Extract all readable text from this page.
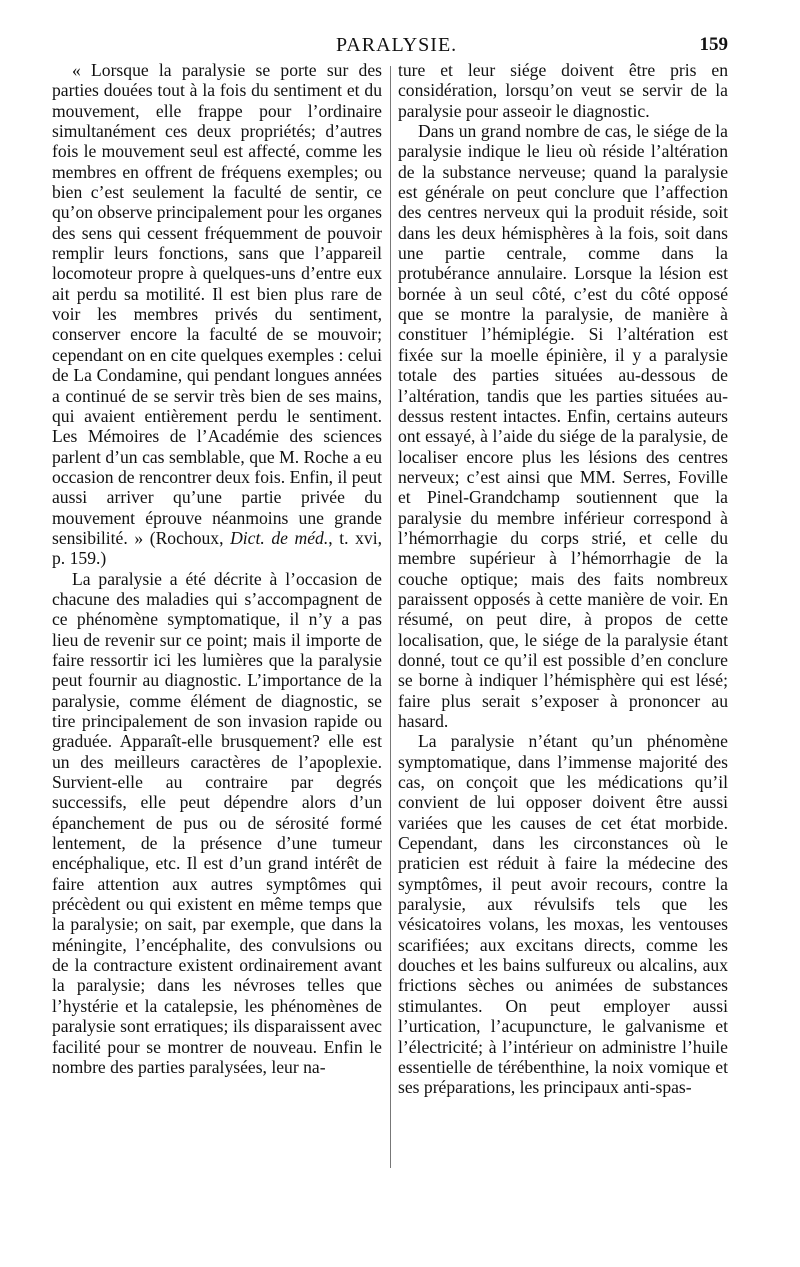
PARALYSIE.	159

« Lorsque la paralysie se porte sur des parties douées tout à la fois du sentiment et du mouvement, elle frappe pour l’ordinaire simultanément ces deux propriétés; d’autres fois le mouvement seul est affecté, comme les membres en offrent de fréquens exemples; ou bien c’est seulement la faculté de sentir, ce qu’on observe principalement pour les organes des sens qui cessent fréquemment de pouvoir remplir leurs fonctions, sans que l’appareil locomoteur propre à quelques-uns d’entre eux ait perdu sa motilité. Il est bien plus rare de voir les membres privés du sentiment, conserver encore la faculté de se mouvoir; cependant on en cite quelques exemples : celui de La Condamine, qui pendant longues années a continué de se servir très bien de ses mains, qui avaient entièrement perdu le sentiment. Les Mémoires de l’Académie des sciences parlent d’un cas semblable, que M. Roche a eu occasion de rencontrer deux fois. Enfin, il peut aussi arriver qu’une partie privée du mouvement éprouve néanmoins une grande sensibilité. » (Rochoux, Dict. de méd., t. xvi, p. 159.)

La paralysie a été décrite à l’occasion de chacune des maladies qui s’accompagnent de ce phénomène symptomatique, il n’y a pas lieu de revenir sur ce point; mais il importe de faire ressortir ici les lumières que la paralysie peut fournir au diagnostic. L’importance de la paralysie, comme élément de diagnostic, se tire principalement de son invasion rapide ou graduée. Apparaît-elle brusquement? elle est un des meilleurs caractères de l’apoplexie. Survient-elle au contraire par degrés successifs, elle peut dépendre alors d’un épanchement de pus ou de sérosité formé lentement, de la présence d’une tumeur encéphalique, etc. Il est d’un grand intérêt de faire attention aux autres symptômes qui précèdent ou qui existent en même temps que la paralysie; on sait, par exemple, que dans la méningite, l’encéphalite, des convulsions ou de la contracture existent ordinairement avant la paralysie; dans les névroses telles que l’hystérie et la catalepsie, les phénomènes de paralysie sont erratiques; ils disparaissent avec facilité pour se montrer de nouveau. Enfin le nombre des parties paralysées, leur na-

ture et leur siége doivent être pris en considération, lorsqu’on veut se servir de la paralysie pour asseoir le diagnostic.

Dans un grand nombre de cas, le siége de la paralysie indique le lieu où réside l’altération de la substance nerveuse; quand la paralysie est générale on peut conclure que l’affection des centres nerveux qui la produit réside, soit dans les deux hémisphères à la fois, soit dans une partie centrale, comme dans la protubérance annulaire. Lorsque la lésion est bornée à un seul côté, c’est du côté opposé que se montre la paralysie, de manière à constituer l’hémiplégie. Si l’altération est fixée sur la moelle épinière, il y a paralysie totale des parties situées au-dessous de l’altération, tandis que les parties situées au-dessus restent intactes. Enfin, certains auteurs ont essayé, à l’aide du siége de la paralysie, de localiser encore plus les lésions des centres nerveux; c’est ainsi que MM. Serres, Foville et Pinel-Grandchamp soutiennent que la paralysie du membre inférieur correspond à l’hémorrhagie du corps strié, et celle du membre supérieur à l’hémorrhagie de la couche optique; mais des faits nombreux paraissent opposés à cette manière de voir. En résumé, on peut dire, à propos de cette localisation, que, le siége de la paralysie étant donné, tout ce qu’il est possible d’en conclure se borne à indiquer l’hémisphère qui est lésé; faire plus serait s’exposer à prononcer au hasard.

La paralysie n’étant qu’un phénomène symptomatique, dans l’immense majorité des cas, on conçoit que les médications qu’il convient de lui opposer doivent être aussi variées que les causes de cet état morbide. Cependant, dans les circonstances où le praticien est réduit à faire la médecine des symptômes, il peut avoir recours, contre la paralysie, aux révulsifs tels que les vésicatoires volans, les moxas, les ventouses scarifiées; aux excitans directs, comme les douches et les bains sulfureux ou alcalins, aux frictions sèches ou animées de substances stimulantes. On peut employer aussi l’urtication, l’acupuncture, le galvanisme et l’électricité; à l’intérieur on administre l’huile essentielle de térébenthine, la noix vomique et ses préparations, les principaux anti-spas-
